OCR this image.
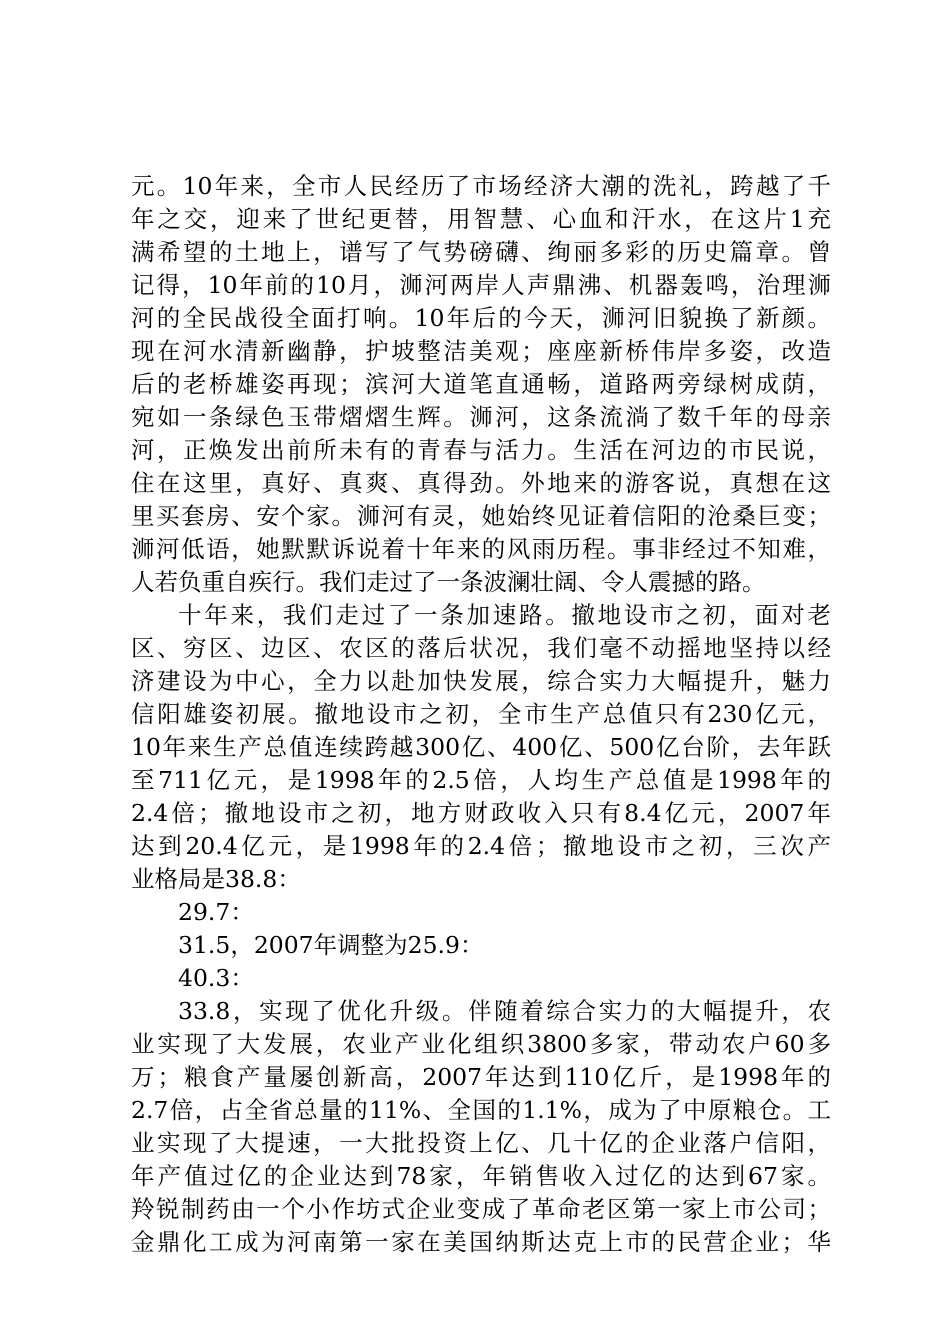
元。10年来，全市人民经历了市场经济大潮的洗礼，跨越了千
年之交，迎来了世纪更替，用智慧、心血和汗水，在这片1充
满希望的土地上，谱写了气势磅礴、绚丽多彩的历史篇章。曾
记得，10年前的10月，浉河两岸人声鼎沸、机器轰鸣，治理浉
河的全民战役全面打响。10年后的今天，浉河旧貌换了新颜。
现在河水清新幽静，护坡整洁美观；座座新桥伟岸多姿，改造
后的老桥雄姿再现；滨河大道笔直通畅，道路两旁绿树成荫，
宛如一条绿色玉带熠熠生辉。浉河，这条流淌了数千年的母亲
河，正焕发出前所未有的青春与活力。生活在河边的市民说，
住在这里，真好、真爽、真得劲。外地来的游客说，真想在这
里买套房、安个家。浉河有灵，她始终见证着信阳的沧桑巨变；
浉河低语，她默默诉说着十年来的风雨历程。事非经过不知难，
人若负重自疾行。我们走过了一条波澜壮阔、令人震撼的路。
十年来，我们走过了一条加速路。撤地设市之初，面对老
区、穷区、边区、农区的落后状况，我们毫不动摇地坚持以经
济建设为中心，全力以赴加快发展，综合实力大幅提升，魅力
信阳雄姿初展。撤地设市之初，全市生产总值只有230亿元，
10年来生产总值连续跨越300亿、400亿、500亿台阶，去年跃
至711亿元，是1998年的2.5倍，人均生产总值是1998年的
2.4倍；撤地设市之初，地方财政收入只有8.4亿元，2007年
达到20.4亿元，是1998年的2.4倍；撤地设市之初，三次产
业格局是38.8：
29.7：
31.5，2007年调整为25.9：
40.3：
33.8，实现了优化升级。伴随着综合实力的大幅提升，农
业实现了大发展，农业产业化组织3800多家，带动农户60多
万；粮食产量屡创新高，2007年达到110亿斤，是1998年的
2.7倍，占全省总量的11%、全国的1.1%，成为了中原粮仓。工
业实现了大提速，一大批投资上亿、几十亿的企业落户信阳，
年产值过亿的企业达到78家，年销售收入过亿的达到67家。
羚锐制药由一个小作坊式企业变成了革命老区第一家上市公司；
金鼎化工成为河南第一家在美国纳斯达克上市的民营企业；华
